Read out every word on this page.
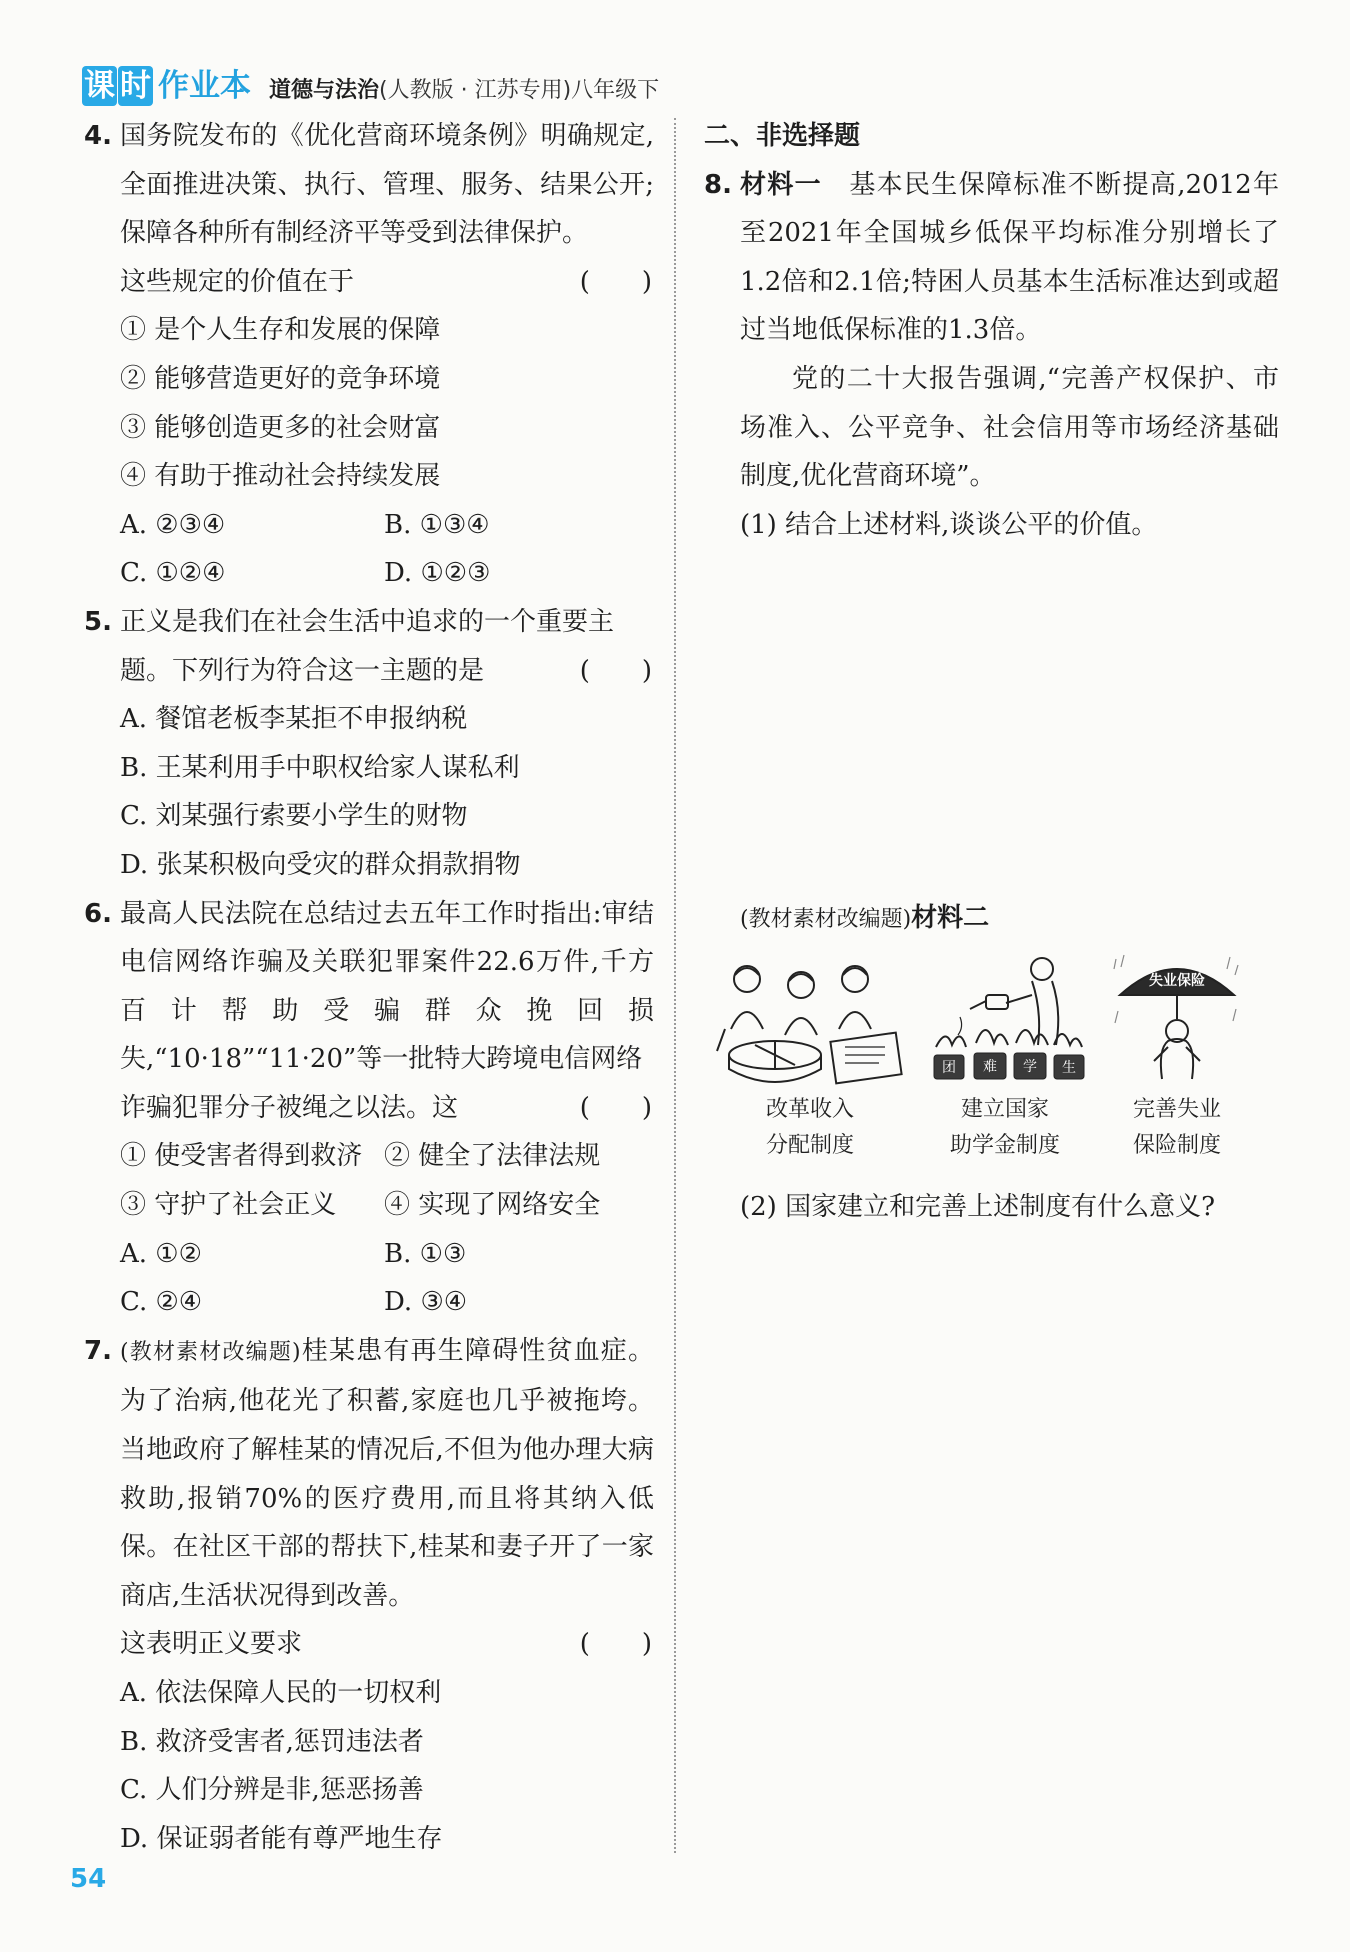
课 时 作业本 道德与法治(人教版 · 江苏专用)八年级下
4. 国务院发布的《优化营商环境条例》明确规定,全面推进决策、执行、管理、服务、结果公开;保障各种所有制经济平等受到法律保护。
这些规定的价值在于	(　　)
① 是个人生存和发展的保障
② 能够营造更好的竞争环境
③ 能够创造更多的社会财富
④ 有助于推动社会持续发展
A. ②③④	B. ①③④
C. ①②④	D. ①②③
5. 正义是我们在社会生活中追求的一个重要主
题。下列行为符合这一主题的是	(　　)
A. 餐馆老板李某拒不申报纳税
B. 王某利用手中职权给家人谋私利
C. 刘某强行索要小学生的财物
D. 张某积极向受灾的群众捐款捐物
6. 最高人民法院在总结过去五年工作时指出:审结电信网络诈骗及关联犯罪案件22.6万件,千方百计帮助受骗群众挽回损失,“10·18”“11·20”等一批特大跨境电信网络
诈骗犯罪分子被绳之以法。这	(　　)
① 使受害者得到救济 ② 健全了法律法规
③ 守护了社会正义	④ 实现了网络安全
A. ①②	B. ①③
C. ②④	D. ③④
7. (教材素材改编题)桂某患有再生障碍性贫血症。为了治病,他花光了积蓄,家庭也几乎被拖垮。当地政府了解桂某的情况后,不但为他办理大病救助,报销70%的医疗费用,而且将其纳入低保。在社区干部的帮扶下,桂某和妻子开了一家商店,生活状况得到改善。
这表明正义要求	(　　)
A. 依法保障人民的一切权利
B. 救济受害者,惩罚违法者
C. 人们分辨是非,惩恶扬善
D. 保证弱者能有尊严地生存
二、非选择题
8. 材料一　 基本民生保障标准不断提高,2012年至2021年全国城乡低保平均标准分别增长了1.2倍和2.1倍;特困人员基本生活标准达到或超过当地低保标准的1.3倍。
党的二十大报告强调,“完善产权保护、市场准入、公平竞争、社会信用等市场经济基础制度,优化营商环境”。
(1) 结合上述材料,谈谈公平的价值。
(教材素材改编题)材料二
改革收入
分配制度
团 难 学 生
建立国家
助学金制度
失业保险
完善失业
保险制度
(2) 国家建立和完善上述制度有什么意义?
54
